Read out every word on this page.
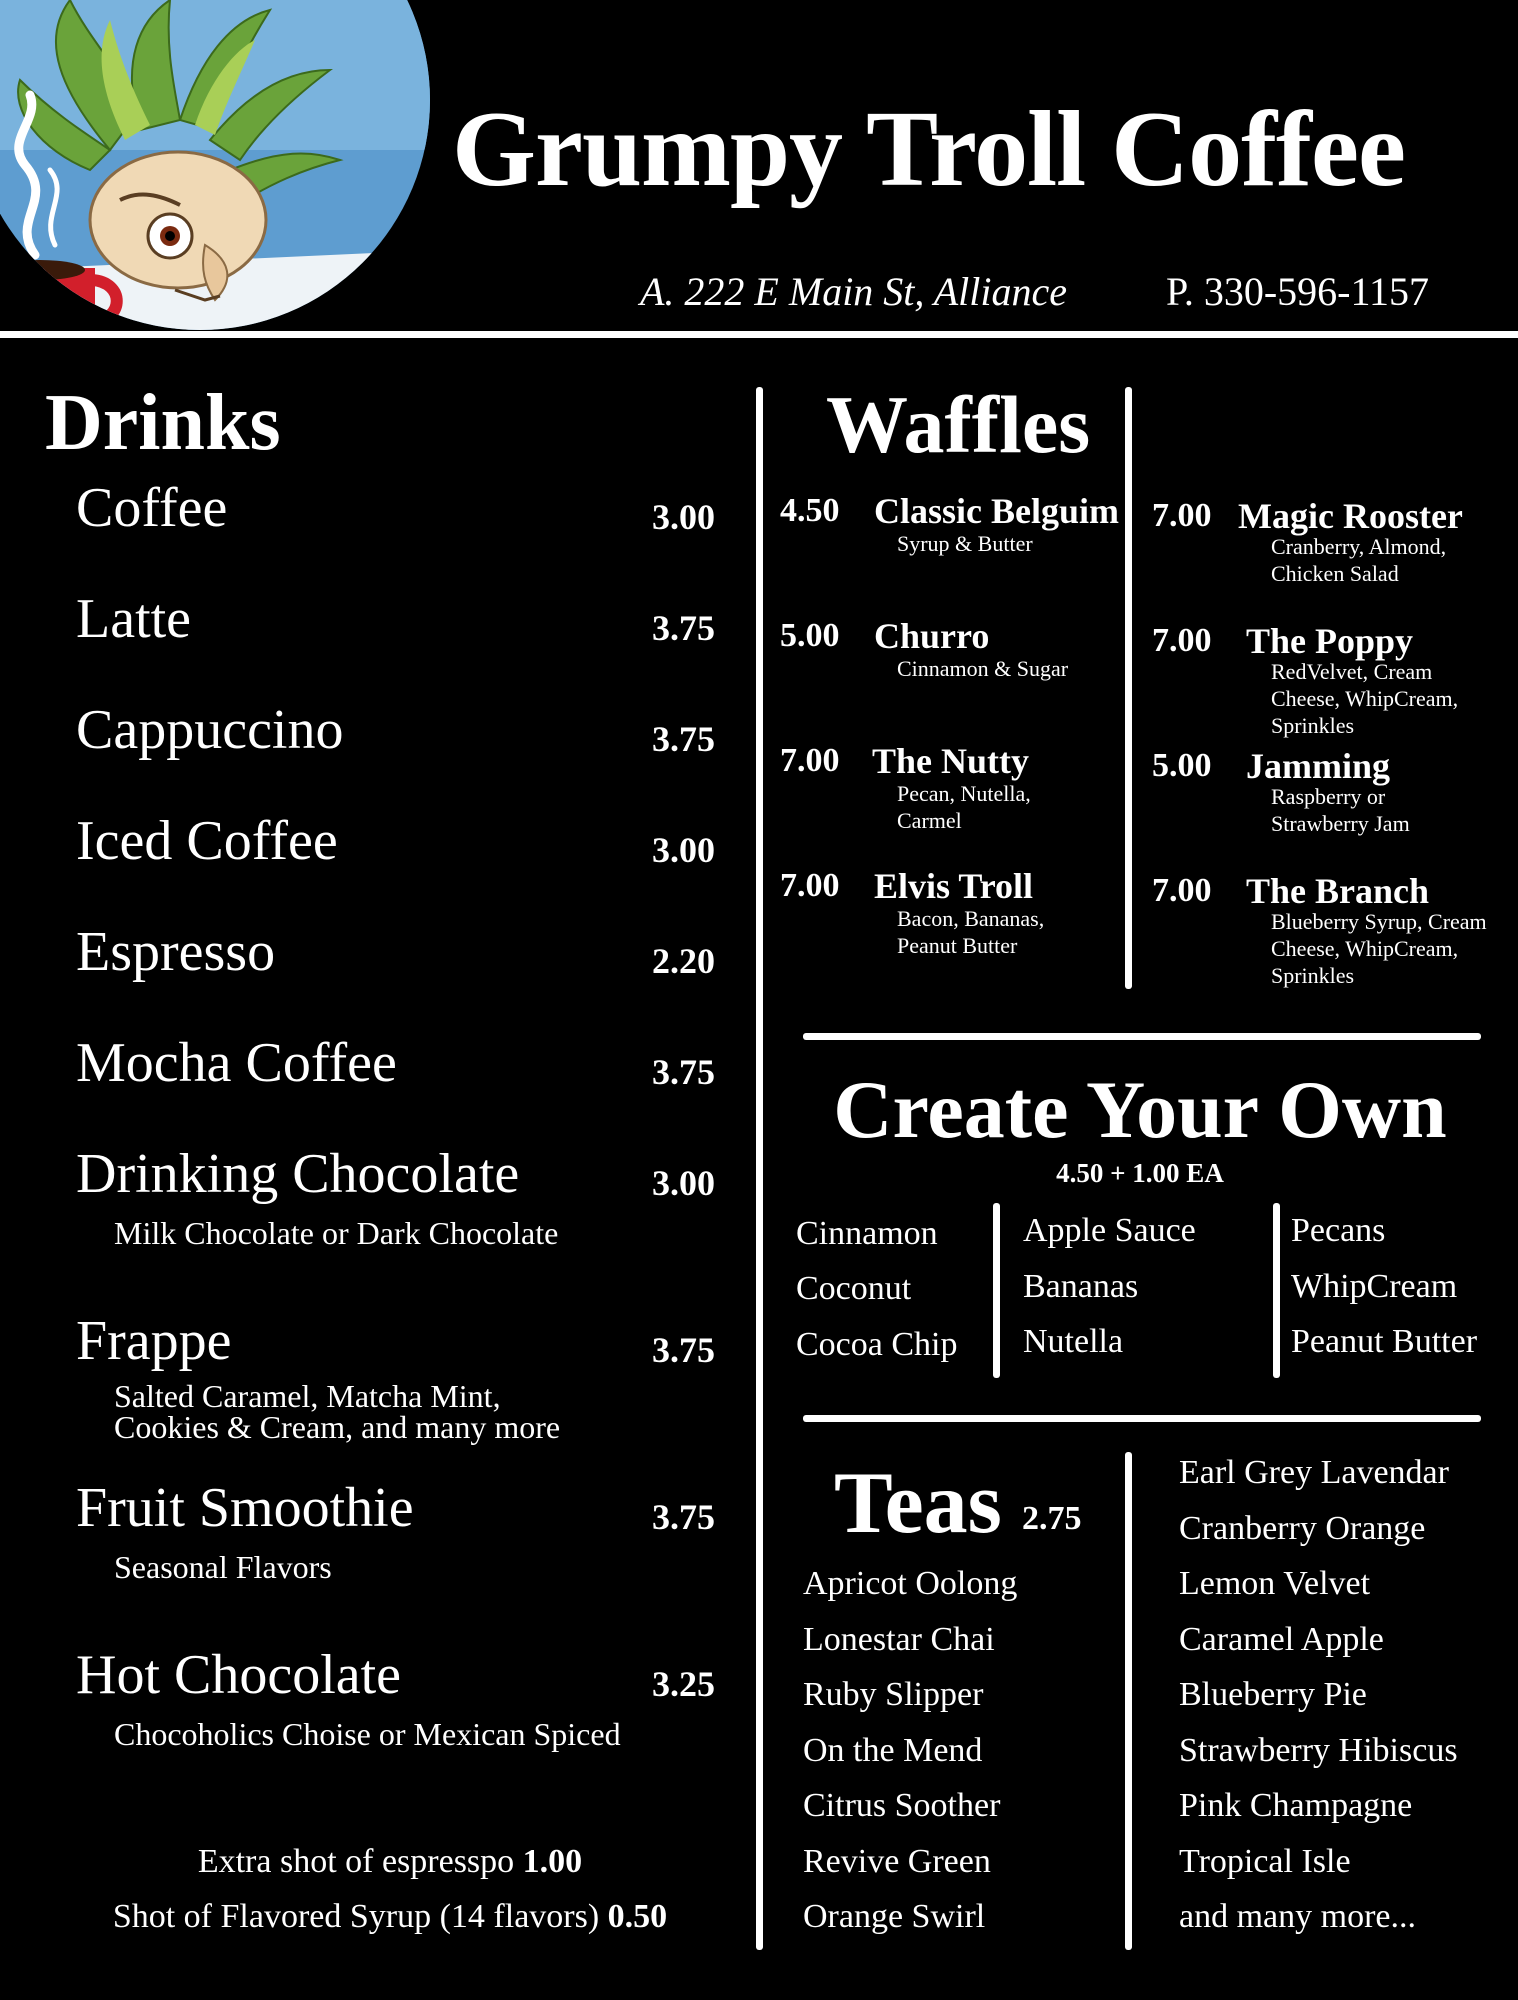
Grumpy Troll Coffee
A. 222 E Main St, Alliance P. 330-596-1157
Drinks
Coffee	3.00
Latte	3.75
Cappuccino	3.75
Iced Coffee	3.00
Espresso	2.20
Mocha Coffee	3.75
Drinking Chocolate	3.00
Milk Chocolate or Dark Chocolate
Frappe	3.75
Salted Caramel, Matcha Mint,
Cookies & Cream, and many more
Fruit Smoothie	3.75
Seasonal Flavors
Hot Chocolate	3.25
Chocoholics Choise or Mexican Spiced
Extra shot of espresspo 1.00
Shot of Flavored Syrup (14 flavors) 0.50
Waffles
4.50 Classic Belguim
Syrup & Butter
5.00 Churro
Cinnamon & Sugar
7.00 The Nutty
Pecan, Nutella,
Carmel
7.00 Elvis Troll
Bacon, Bananas,
Peanut Butter
7.00 Magic Rooster
Cranberry, Almond,
Chicken Salad
7.00 The Poppy
RedVelvet, Cream
Cheese, WhipCream,
Sprinkles
5.00 Jamming
Raspberry or
Strawberry Jam
7.00 The Branch
Blueberry Syrup, Cream
Cheese, WhipCream,
Sprinkles
Create Your Own
4.50 + 1.00 EA
Cinnamon
Coconut
Cocoa Chip
Apple Sauce
Bananas
Nutella
Pecans
WhipCream
Peanut Butter
Teas 2.75
Apricot Oolong
Lonestar Chai
Ruby Slipper
On the Mend
Citrus Soother
Revive Green
Orange Swirl
Earl Grey Lavendar
Cranberry Orange
Lemon Velvet
Caramel Apple
Blueberry Pie
Strawberry Hibiscus
Pink Champagne
Tropical Isle
and many more...
